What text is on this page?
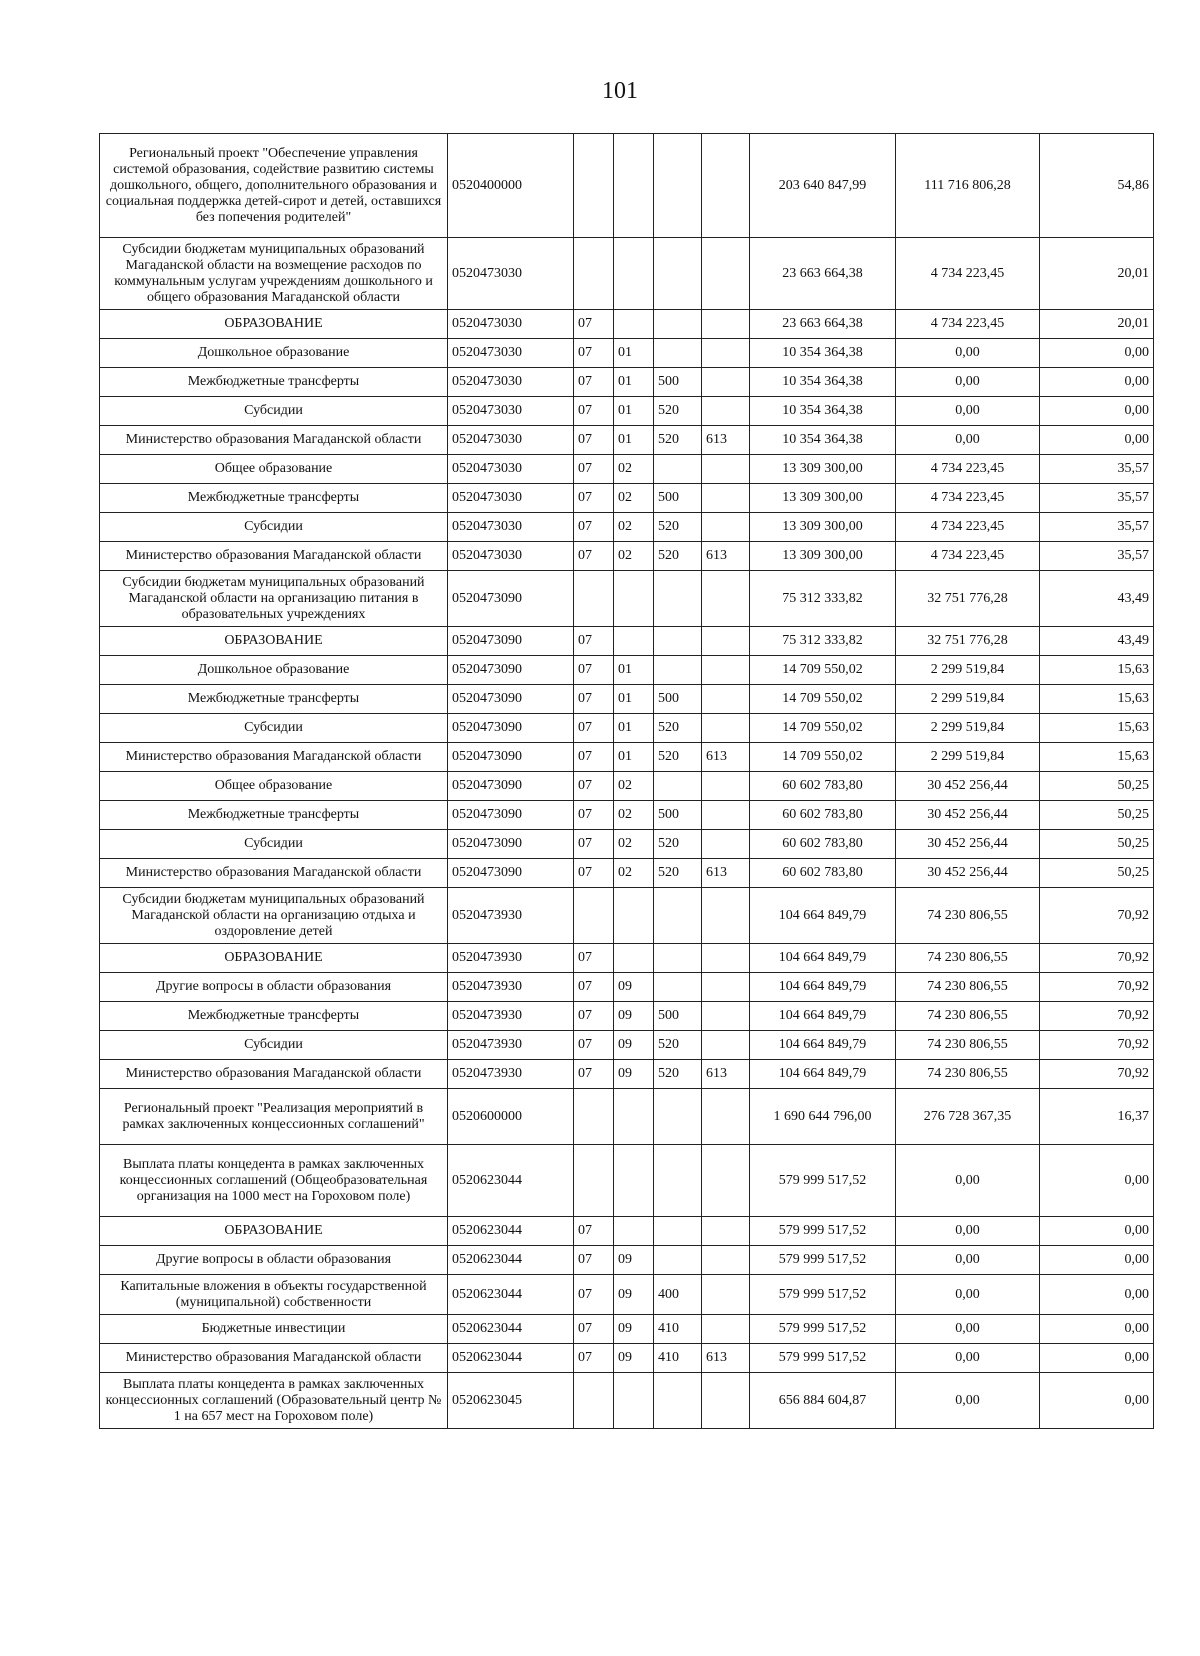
101
Региональный проект "Обеспечение управления системой образования, содействие развитию системы дошкольного, общего, дополнительного образования и социальная поддержка детей-сирот и детей, оставшихся без попечения родителей"	0520400000					203 640 847,99	111 716 806,28	54,86
Субсидии бюджетам муниципальных образований Магаданской области на возмещение расходов по коммунальным услугам учреждениям дошкольного и общего образования Магаданской области	0520473030					23 663 664,38	4 734 223,45	20,01
ОБРАЗОВАНИЕ	0520473030	07				23 663 664,38	4 734 223,45	20,01
Дошкольное образование	0520473030	07	01			10 354 364,38	0,00	0,00
Межбюджетные трансферты	0520473030	07	01	500		10 354 364,38	0,00	0,00
Субсидии	0520473030	07	01	520		10 354 364,38	0,00	0,00
Министерство образования Магаданской области	0520473030	07	01	520	613	10 354 364,38	0,00	0,00
Общее образование	0520473030	07	02			13 309 300,00	4 734 223,45	35,57
Межбюджетные трансферты	0520473030	07	02	500		13 309 300,00	4 734 223,45	35,57
Субсидии	0520473030	07	02	520		13 309 300,00	4 734 223,45	35,57
Министерство образования Магаданской области	0520473030	07	02	520	613	13 309 300,00	4 734 223,45	35,57
Субсидии бюджетам муниципальных образований Магаданской области на организацию питания в образовательных учреждениях	0520473090					75 312 333,82	32 751 776,28	43,49
ОБРАЗОВАНИЕ	0520473090	07				75 312 333,82	32 751 776,28	43,49
Дошкольное образование	0520473090	07	01			14 709 550,02	2 299 519,84	15,63
Межбюджетные трансферты	0520473090	07	01	500		14 709 550,02	2 299 519,84	15,63
Субсидии	0520473090	07	01	520		14 709 550,02	2 299 519,84	15,63
Министерство образования Магаданской области	0520473090	07	01	520	613	14 709 550,02	2 299 519,84	15,63
Общее образование	0520473090	07	02			60 602 783,80	30 452 256,44	50,25
Межбюджетные трансферты	0520473090	07	02	500		60 602 783,80	30 452 256,44	50,25
Субсидии	0520473090	07	02	520		60 602 783,80	30 452 256,44	50,25
Министерство образования Магаданской области	0520473090	07	02	520	613	60 602 783,80	30 452 256,44	50,25
Субсидии бюджетам муниципальных образований Магаданской области на организацию отдыха и оздоровление детей	0520473930					104 664 849,79	74 230 806,55	70,92
ОБРАЗОВАНИЕ	0520473930	07				104 664 849,79	74 230 806,55	70,92
Другие вопросы в области образования	0520473930	07	09			104 664 849,79	74 230 806,55	70,92
Межбюджетные трансферты	0520473930	07	09	500		104 664 849,79	74 230 806,55	70,92
Субсидии	0520473930	07	09	520		104 664 849,79	74 230 806,55	70,92
Министерство образования Магаданской области	0520473930	07	09	520	613	104 664 849,79	74 230 806,55	70,92
Региональный проект "Реализация мероприятий в рамках заключенных концессионных соглашений"	0520600000					1 690 644 796,00	276 728 367,35	16,37
Выплата платы концедента в рамках заключенных концессионных соглашений (Общеобразовательная организация на 1000 мест на Гороховом поле)	0520623044					579 999 517,52	0,00	0,00
ОБРАЗОВАНИЕ	0520623044	07				579 999 517,52	0,00	0,00
Другие вопросы в области образования	0520623044	07	09			579 999 517,52	0,00	0,00
Капитальные вложения в объекты государственной (муниципальной) собственности	0520623044	07	09	400		579 999 517,52	0,00	0,00
Бюджетные инвестиции	0520623044	07	09	410		579 999 517,52	0,00	0,00
Министерство образования Магаданской области	0520623044	07	09	410	613	579 999 517,52	0,00	0,00
Выплата платы концедента в рамках заключенных концессионных соглашений (Образовательный центр № 1 на 657 мест на Гороховом поле)	0520623045					656 884 604,87	0,00	0,00
